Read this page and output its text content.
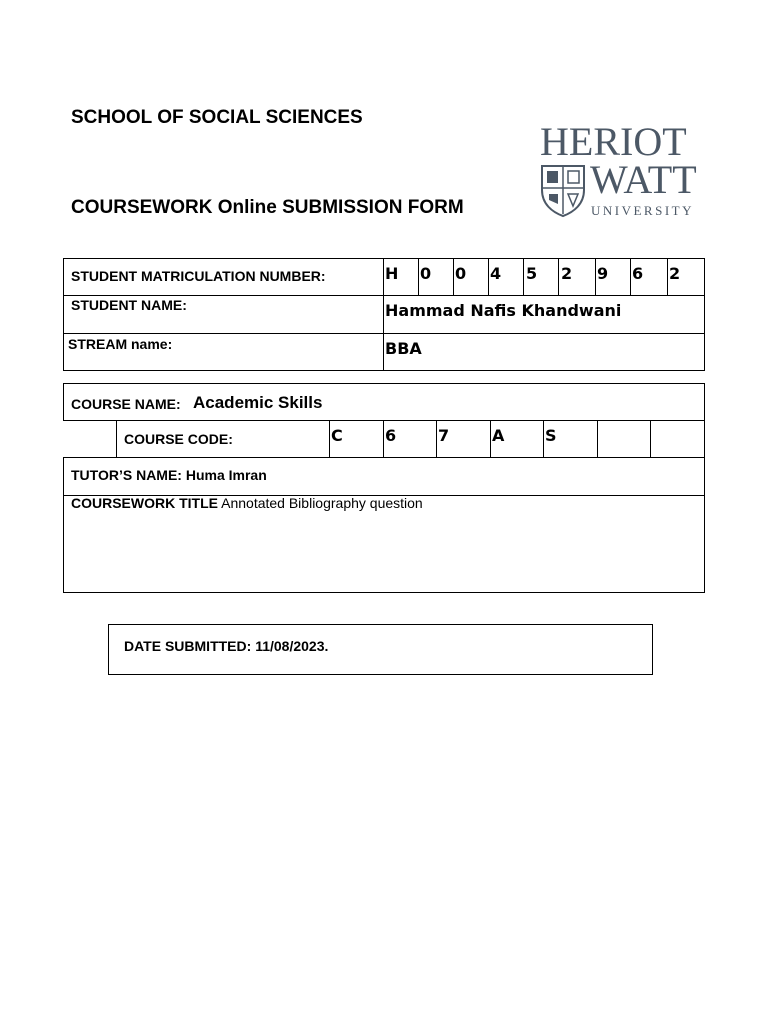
SCHOOL OF SOCIAL SCIENCES
COURSEWORK Online SUBMISSION FORM
HERIOT
WATT
UNIVERSITY
STUDENT MATRICULATION NUMBER:	H 0 0 4 5 2 9 6 2
STUDENT NAME:	Hammad Nafis Khandwani
STREAM name:	BBA
COURSE NAME: Academic Skills
COURSE CODE:	C	6	7	A	S
TUTOR’S NAME: Huma Imran
COURSEWORK TITLE Annotated Bibliography question
DATE SUBMITTED: 11/08/2023.
